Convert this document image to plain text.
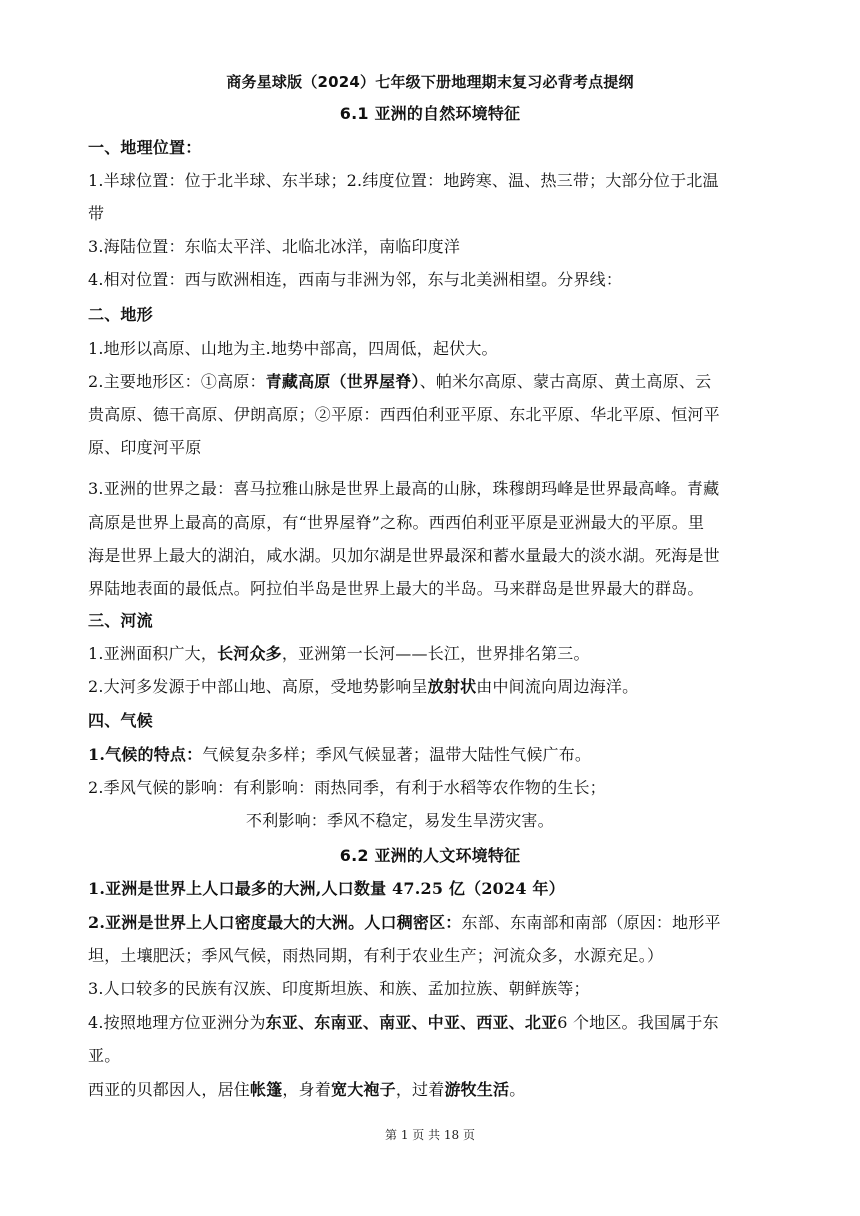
商务星球版（2024）七年级下册地理期末复习必背考点提纲
6.1 亚洲的自然环境特征
一、地理位置：
1.半球位置：位于北半球、东半球；2.纬度位置：地跨寒、温、热三带；大部分位于北温
带
3.海陆位置：东临太平洋、北临北冰洋，南临印度洋
4.相对位置：西与欧洲相连，西南与非洲为邻，东与北美洲相望。分界线：
二、地形
1.地形以高原、山地为主.地势中部高，四周低，起伏大。
2.主要地形区：①高原：青藏高原（世界屋脊）、帕米尔高原、蒙古高原、黄土高原、云
贵高原、德干高原、伊朗高原；②平原：西西伯利亚平原、东北平原、华北平原、恒河平
原、印度河平原
3.亚洲的世界之最：喜马拉雅山脉是世界上最高的山脉，珠穆朗玛峰是世界最高峰。青藏
高原是世界上最高的高原，有“世界屋脊”之称。西西伯利亚平原是亚洲最大的平原。里
海是世界上最大的湖泊，咸水湖。贝加尔湖是世界最深和蓄水量最大的淡水湖。死海是世
界陆地表面的最低点。阿拉伯半岛是世界上最大的半岛。马来群岛是世界最大的群岛。
三、河流
1.亚洲面积广大，长河众多，亚洲第一长河——长江，世界排名第三。
2.大河多发源于中部山地、高原，受地势影响呈放射状由中间流向周边海洋。
四、气候
1.气候的特点：气候复杂多样；季风气候显著；温带大陆性气候广布。
2.季风气候的影响：有利影响：雨热同季，有利于水稻等农作物的生长；
不利影响：季风不稳定，易发生旱涝灾害。
6.2 亚洲的人文环境特征
1.亚洲是世界上人口最多的大洲,人口数量 47.25 亿（2024 年）
2.亚洲是世界上人口密度最大的大洲。人口稠密区：东部、东南部和南部（原因：地形平
坦，土壤肥沃；季风气候，雨热同期，有利于农业生产；河流众多，水源充足。）
3.人口较多的民族有汉族、印度斯坦族、和族、孟加拉族、朝鲜族等；
4.按照地理方位亚洲分为东亚、东南亚、南亚、中亚、西亚、北亚6 个地区。我国属于东
亚。
西亚的贝都因人，居住帐篷，身着宽大袍子，过着游牧生活。
第 1 页 共 18 页
